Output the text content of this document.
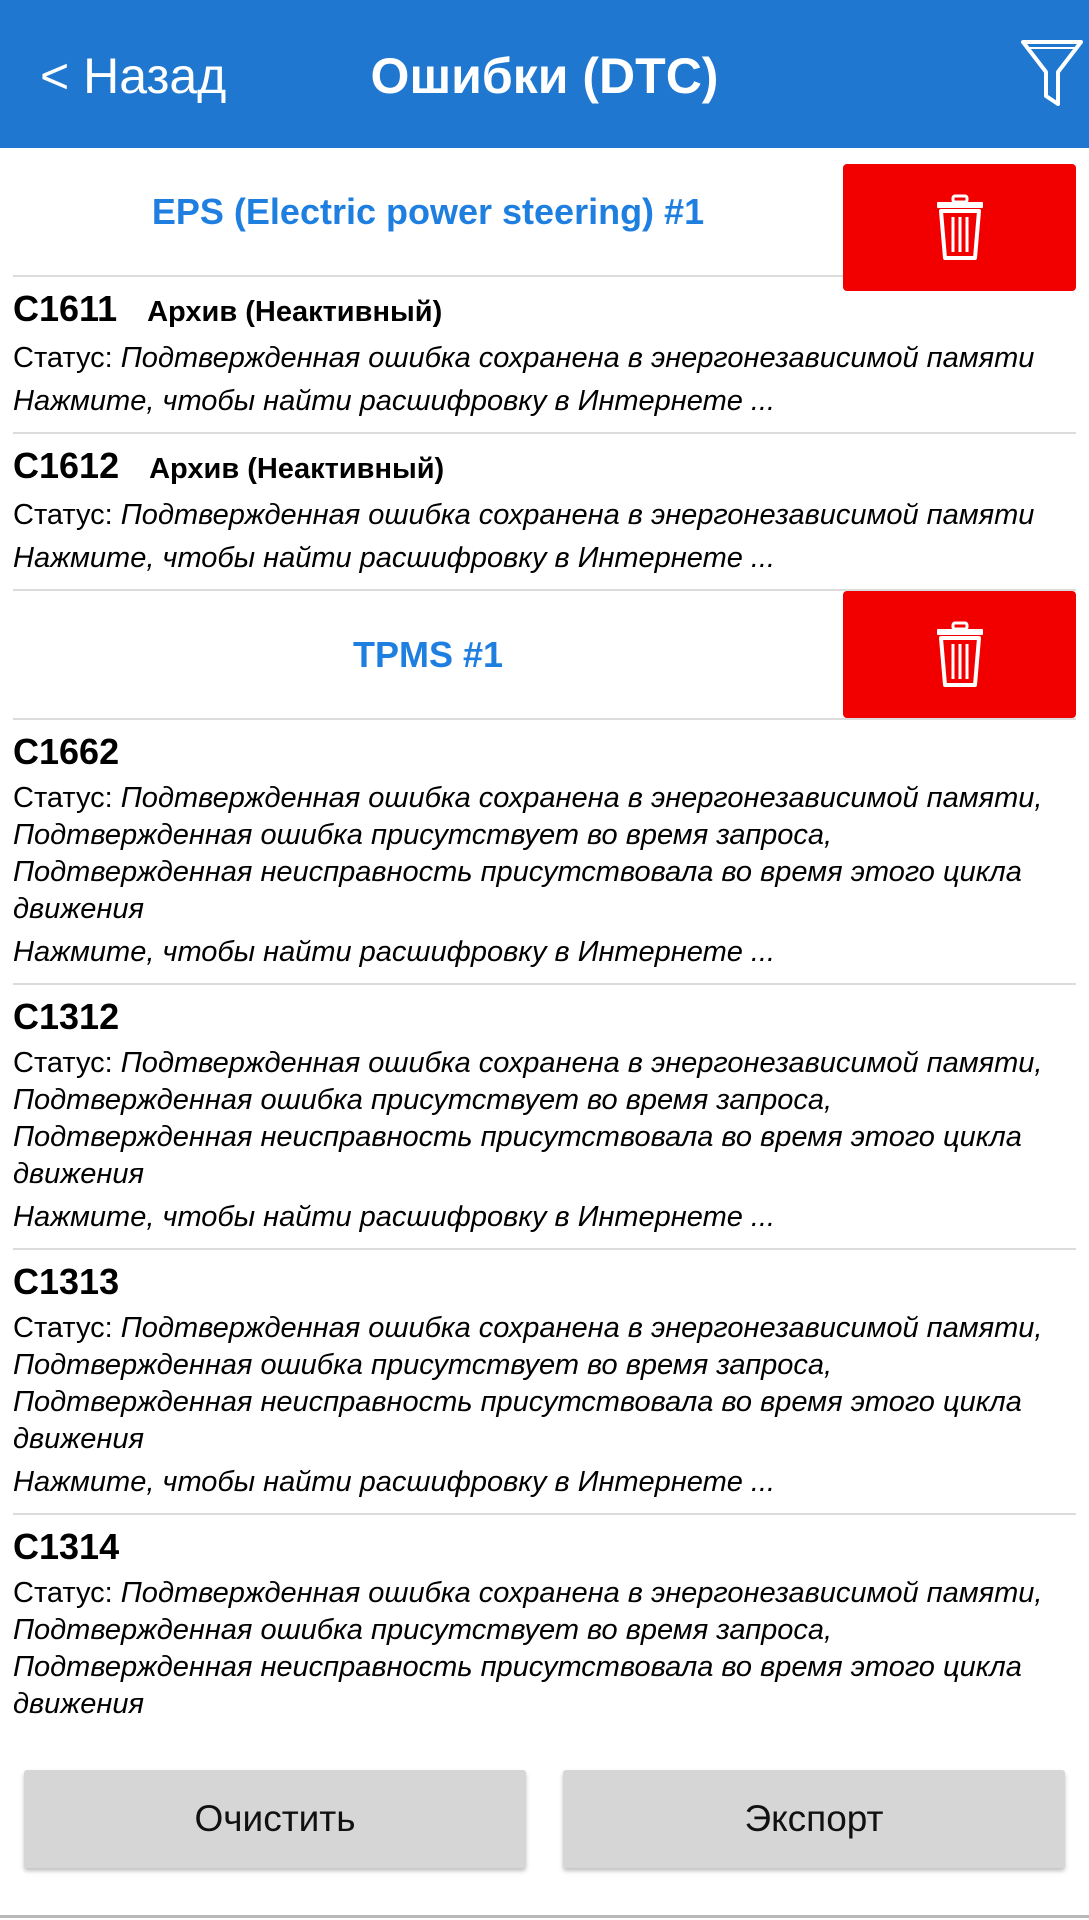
< Назад	Ошибки (DTC)
EPS (Electric power steering) #1
C1611 Архив (Неактивный)
Статус: Подтвержденная ошибка сохранена в энергонезависимой памяти
Нажмите, чтобы найти расшифровку в Интернете ...
C1612 Архив (Неактивный)
Статус: Подтвержденная ошибка сохранена в энергонезависимой памяти
Нажмите, чтобы найти расшифровку в Интернете ...
TPMS #1
C1662
Статус: Подтвержденная ошибка сохранена в энергонезависимой памяти, Подтвержденная ошибка присутствует во время запроса, Подтвержденная неисправность присутствовала во время этого цикла движения
Нажмите, чтобы найти расшифровку в Интернете ...
C1312
Статус: Подтвержденная ошибка сохранена в энергонезависимой памяти, Подтвержденная ошибка присутствует во время запроса, Подтвержденная неисправность присутствовала во время этого цикла движения
Нажмите, чтобы найти расшифровку в Интернете ...
C1313
Статус: Подтвержденная ошибка сохранена в энергонезависимой памяти, Подтвержденная ошибка присутствует во время запроса, Подтвержденная неисправность присутствовала во время этого цикла движения
Нажмите, чтобы найти расшифровку в Интернете ...
C1314
Статус: Подтвержденная ошибка сохранена в энергонезависимой памяти, Подтвержденная ошибка присутствует во время запроса, Подтвержденная неисправность присутствовала во время этого цикла движения
Очистить	Экспорт
